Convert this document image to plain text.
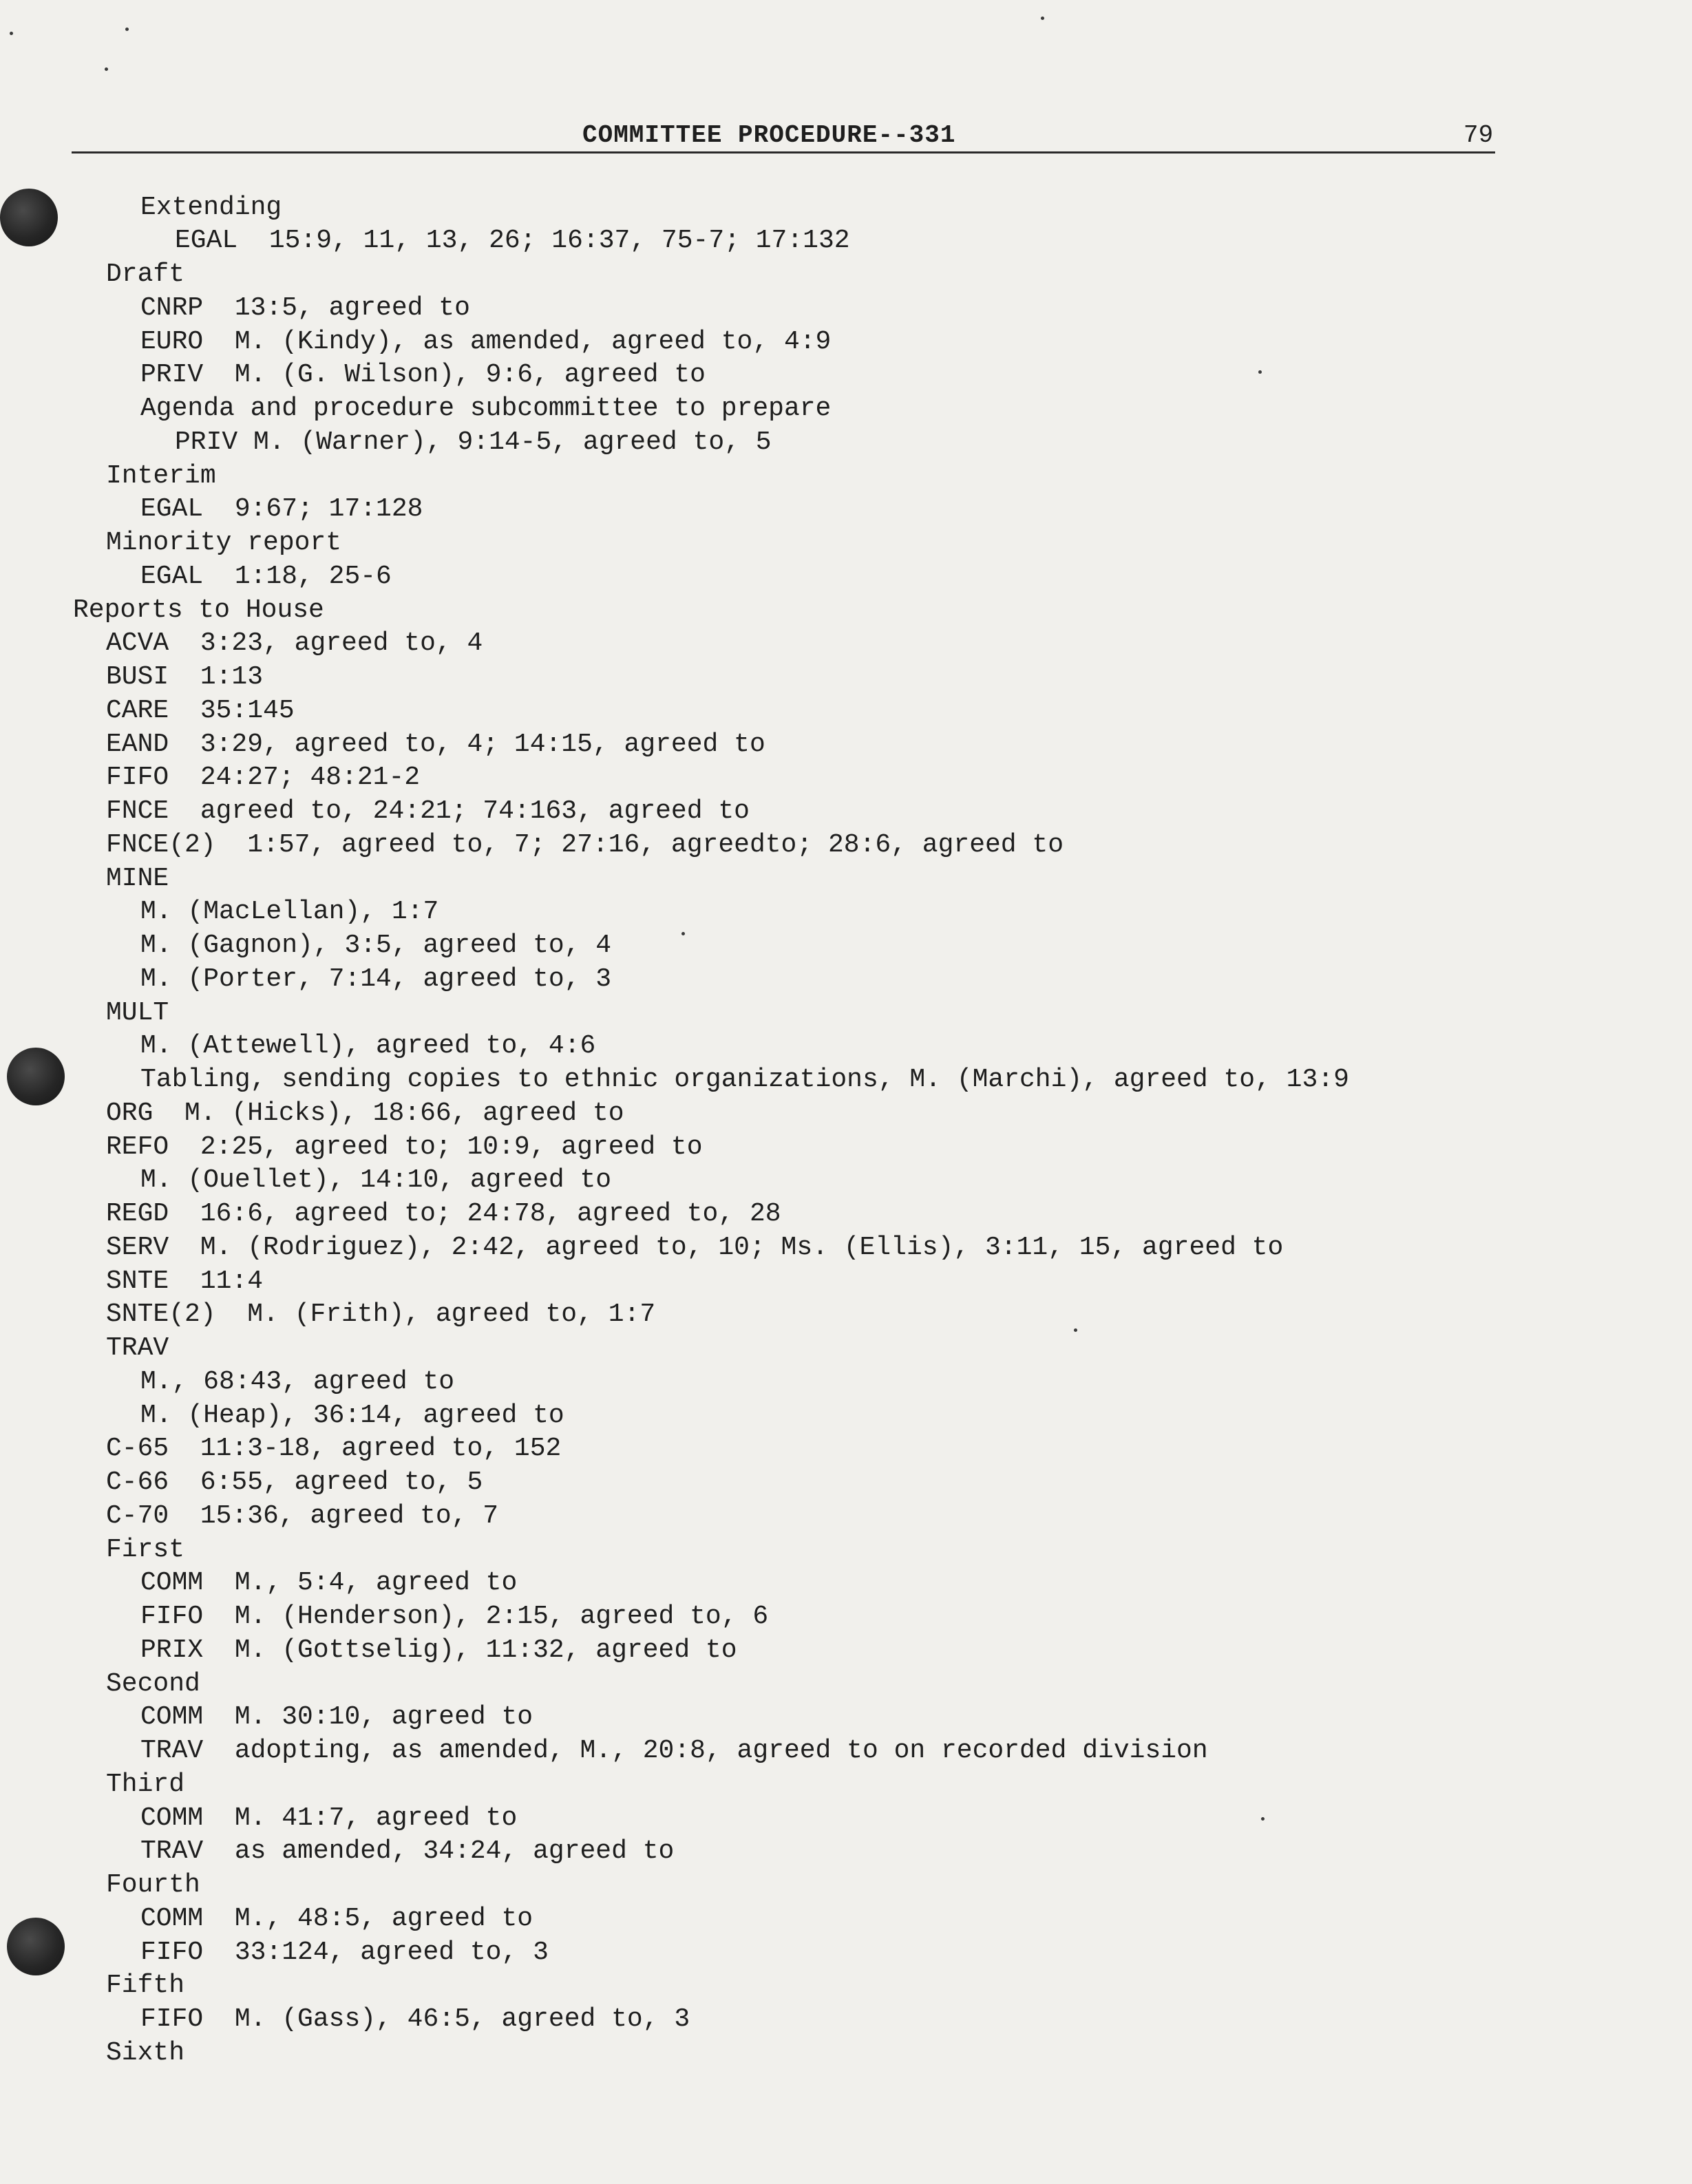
COMMITTEE PROCEDURE--331	79
Extending
EGAL  15:9, 11, 13, 26; 16:37, 75-7; 17:132
Draft
CNRP  13:5, agreed to
EURO  M. (Kindy), as amended, agreed to, 4:9
PRIV  M. (G. Wilson), 9:6, agreed to
Agenda and procedure subcommittee to prepare
PRIV M. (Warner), 9:14-5, agreed to, 5
Interim
EGAL  9:67; 17:128
Minority report
EGAL  1:18, 25-6
Reports to House
ACVA  3:23, agreed to, 4
BUSI  1:13
CARE  35:145
EAND  3:29, agreed to, 4; 14:15, agreed to
FIFO  24:27; 48:21-2
FNCE  agreed to, 24:21; 74:163, agreed to
FNCE(2)  1:57, agreed to, 7; 27:16, agreedto; 28:6, agreed to
MINE
M. (MacLellan), 1:7
M. (Gagnon), 3:5, agreed to, 4
M. (Porter, 7:14, agreed to, 3
MULT
M. (Attewell), agreed to, 4:6
Tabling, sending copies to ethnic organizations, M. (Marchi), agreed to, 13:9
ORG  M. (Hicks), 18:66, agreed to
REFO  2:25, agreed to; 10:9, agreed to
M. (Ouellet), 14:10, agreed to
REGD  16:6, agreed to; 24:78, agreed to, 28
SERV  M. (Rodriguez), 2:42, agreed to, 10; Ms. (Ellis), 3:11, 15, agreed to
SNTE  11:4
SNTE(2)  M. (Frith), agreed to, 1:7
TRAV
M., 68:43, agreed to
M. (Heap), 36:14, agreed to
C-65  11:3-18, agreed to, 152
C-66  6:55, agreed to, 5
C-70  15:36, agreed to, 7
First
COMM  M., 5:4, agreed to
FIFO  M. (Henderson), 2:15, agreed to, 6
PRIX  M. (Gottselig), 11:32, agreed to
Second
COMM  M. 30:10, agreed to
TRAV  adopting, as amended, M., 20:8, agreed to on recorded division
Third
COMM  M. 41:7, agreed to
TRAV  as amended, 34:24, agreed to
Fourth
COMM  M., 48:5, agreed to
FIFO  33:124, agreed to, 3
Fifth
FIFO  M. (Gass), 46:5, agreed to, 3
Sixth
